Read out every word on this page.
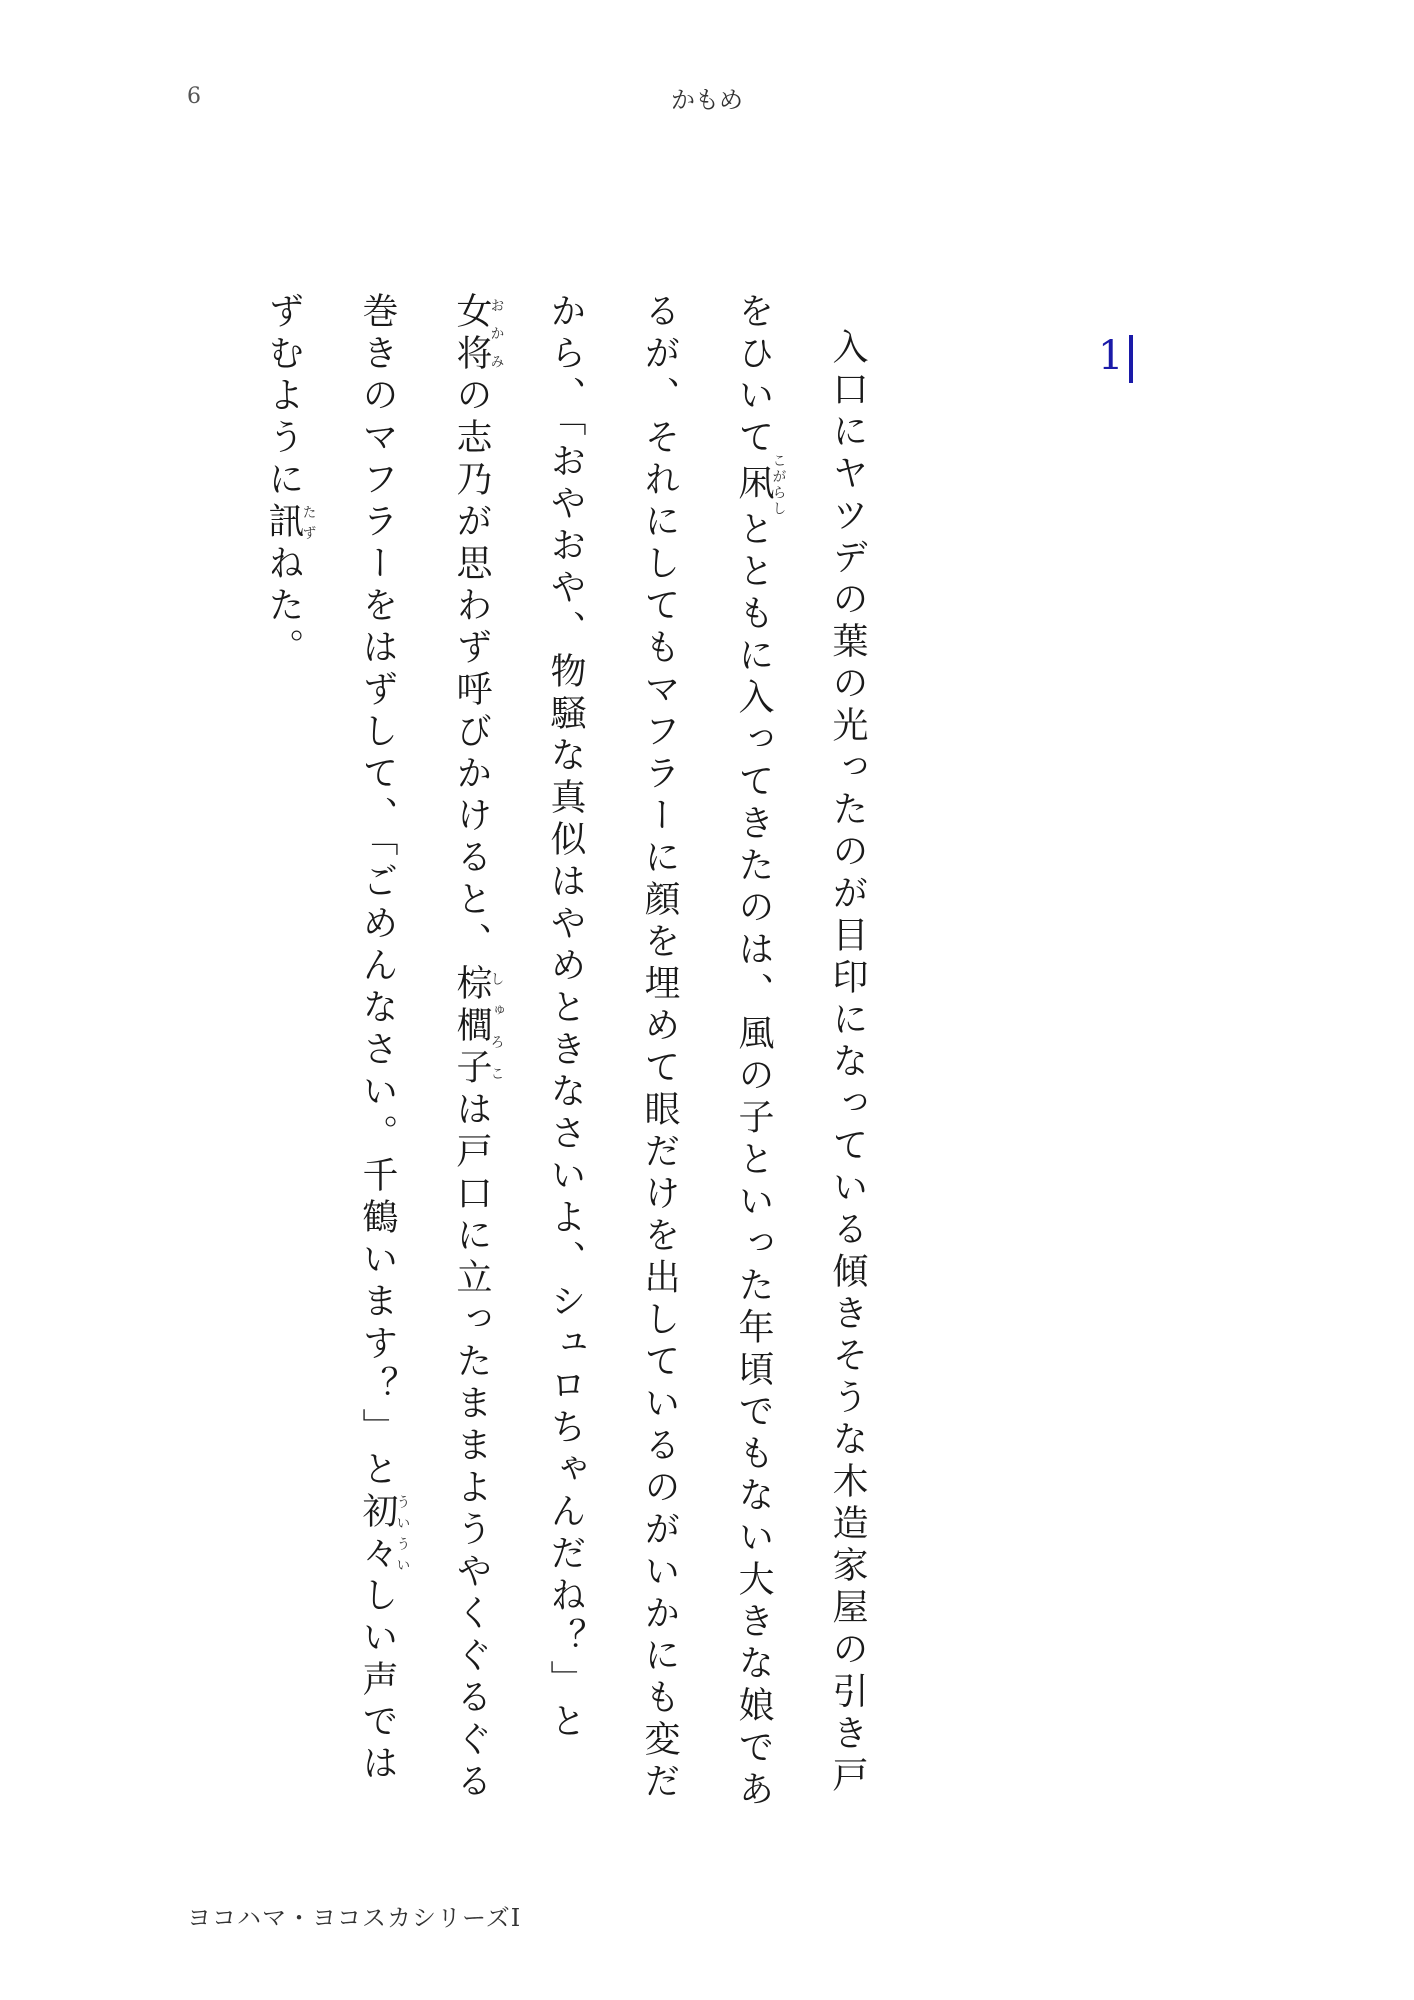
6	かもめ
1

入口にヤツデの葉の光ったのが目印になっている傾きそうな木造家屋の引き戸をひいて凩こがらしとともに入ってきたのは、風の子といった年頃でもない大きな娘であるが、それにしてもマフラーに顔を埋めて眼だけを出しているのがいかにも変だから、「おやおや、物騒な真似はやめときなさいよ、シュロちゃんだね？」と女将おかみの志乃が思わず呼びかけると、棕櫚子しゅろこは戸口に立ったままようやくぐるぐる巻きのマフラーをはずして、「ごめんなさい。千鶴います？」と初々ういういしい声ではずむように訊たずねた。

ヨコハマ・ヨコスカシリーズⅠ
